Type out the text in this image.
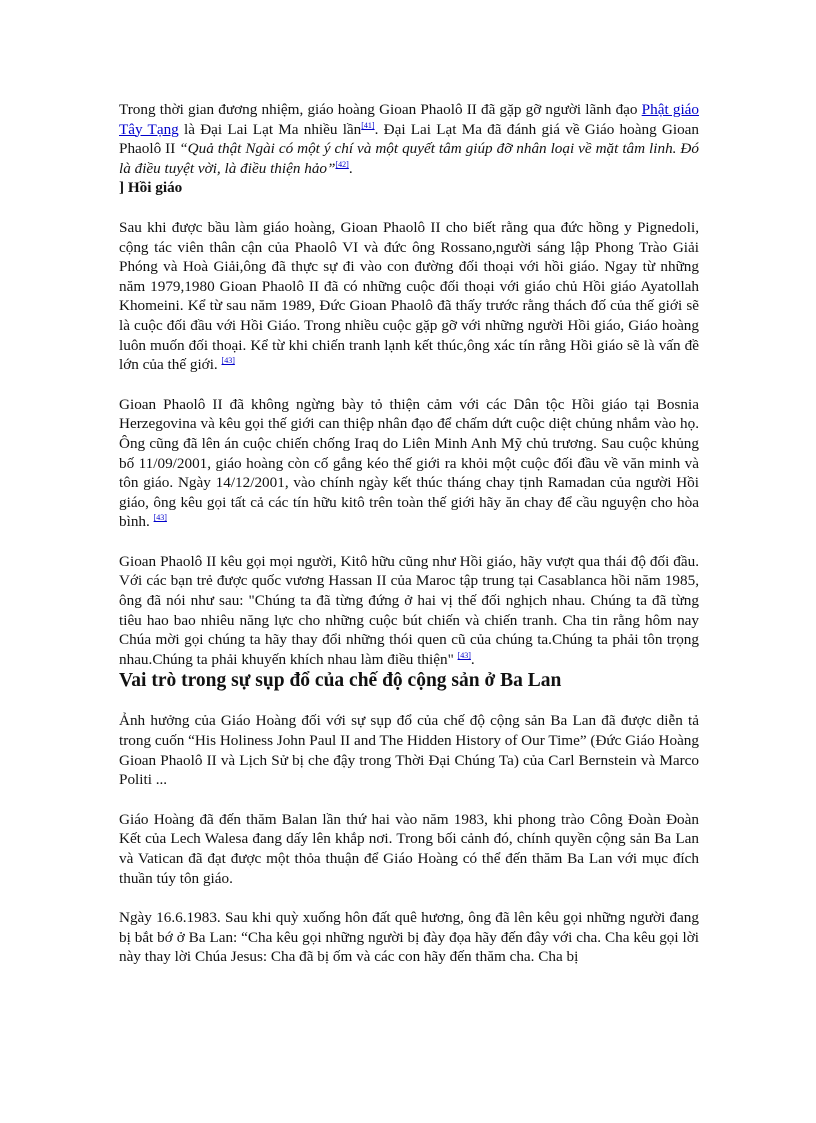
Trong thời gian đương nhiệm, giáo hoàng Gioan Phaolô II đã gặp gỡ người lãnh đạo Phật giáo Tây Tạng là Đại Lai Lạt Ma nhiều lần[41]. Đại Lai Lạt Ma đã đánh giá về Giáo hoàng Gioan Phaolô II “Quả thật Ngài có một ý chí và một quyết tâm giúp đỡ nhân loại về mặt tâm linh. Đó là điều tuyệt vời, là điều thiện hảo”[42].

] Hồi giáo

Sau khi được bầu làm giáo hoàng, Gioan Phaolô II cho biết rằng qua đức hồng y Pignedoli, cộng tác viên thân cận của Phaolô VI và đức ông Rossano,người sáng lập Phong Trào Giải Phóng và Hoà Giải,ông đã thực sự đi vào con đường đối thoại với hồi giáo. Ngay từ những năm 1979,1980 Gioan Phaolô II đã có những cuộc đối thoại với giáo chủ Hồi giáo Ayatollah Khomeini. Kể từ sau năm 1989, Đức Gioan Phaolô đã thấy trước rằng thách đố của thế giới sẽ là cuộc đối đầu với Hồi Giáo. Trong nhiều cuộc gặp gỡ với những người Hồi giáo, Giáo hoàng luôn muốn đối thoại. Kể từ khi chiến tranh lạnh kết thúc,ông xác tín rằng Hồi giáo sẽ là vấn đề lớn của thế giới. [43]

Gioan Phaolô II đã không ngừng bày tỏ thiện cảm với các Dân tộc Hồi giáo tại Bosnia Herzegovina và kêu gọi thế giới can thiệp nhân đạo để chấm dứt cuộc diệt chủng nhắm vào họ. Ông cũng đã lên án cuộc chiến chống Iraq do Liên Minh Anh Mỹ chủ trương. Sau cuộc khủng bố 11/09/2001, giáo hoàng còn cố gắng kéo thế giới ra khỏi một cuộc đối đầu về văn minh và tôn giáo. Ngày 14/12/2001, vào chính ngày kết thúc tháng chay tịnh Ramadan của người Hồi giáo, ông kêu gọi tất cả các tín hữu kitô trên toàn thế giới hãy ăn chay để cầu nguyện cho hòa bình. [43]

Gioan Phaolô II kêu gọi mọi người, Kitô hữu cũng như Hồi giáo, hãy vượt qua thái độ đối đầu. Với các bạn trẻ được quốc vương Hassan II của Maroc tập trung tại Casablanca hồi năm 1985, ông đã nói như sau: "Chúng ta đã từng đứng ở hai vị thế đối nghịch nhau. Chúng ta đã từng tiêu hao bao nhiêu năng lực cho những cuộc bút chiến và chiến tranh. Cha tin rằng hôm nay Chúa mời gọi chúng ta hãy thay đổi những thói quen cũ của chúng ta.Chúng ta phải tôn trọng nhau.Chúng ta phải khuyến khích nhau làm điều thiện" [43].

Vai trò trong sự sụp đổ của chế độ cộng sản ở Ba Lan

Ảnh hưởng của Giáo Hoàng đối với sự sụp đổ của chế độ cộng sản Ba Lan đã được diễn tả trong cuốn “His Holiness John Paul II and The Hidden History of Our Time” (Đức Giáo Hoàng Gioan Phaolô II và Lịch Sử bị che đậy trong Thời Đại Chúng Ta) của Carl Bernstein và Marco Politi ...

Giáo Hoàng đã đến thăm Balan lần thứ hai vào năm 1983, khi phong trào Công Đoàn Đoàn Kết của Lech Walesa đang dấy lên khắp nơi. Trong bối cảnh đó, chính quyền cộng sản Ba Lan và Vatican đã đạt được một thỏa thuận để Giáo Hoàng có thể đến thăm Ba Lan với mục đích thuần túy tôn giáo.

Ngày 16.6.1983. Sau khi quỳ xuống hôn đất quê hương, ông đã lên kêu gọi những người đang bị bắt bớ ở Ba Lan: “Cha kêu gọi những người bị đày đọa hãy đến đây với cha. Cha kêu gọi lời này thay lời Chúa Jesus: Cha đã bị ốm và các con hãy đến thăm cha. Cha bị
